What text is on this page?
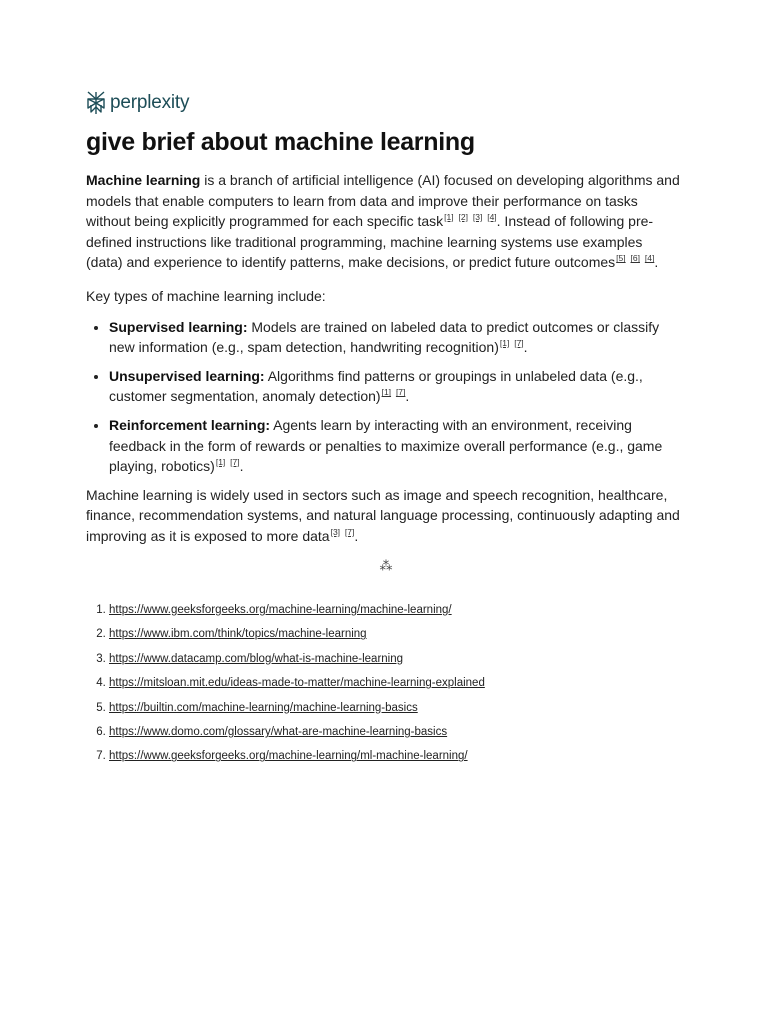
perplexity
give brief about machine learning

Machine learning is a branch of artificial intelligence (AI) focused on developing algorithms and models that enable computers to learn from data and improve their performance on tasks without being explicitly programmed for each specific task[1] [2] [3] [4]. Instead of following pre-defined instructions like traditional programming, machine learning systems use examples (data) and experience to identify patterns, make decisions, or predict future outcomes[5] [6] [4].

Key types of machine learning include:

• Supervised learning: Models are trained on labeled data to predict outcomes or classify new information (e.g., spam detection, handwriting recognition)[1] [7].
• Unsupervised learning: Algorithms find patterns or groupings in unlabeled data (e.g., customer segmentation, anomaly detection)[1] [7].
• Reinforcement learning: Agents learn by interacting with an environment, receiving feedback in the form of rewards or penalties to maximize overall performance (e.g., game playing, robotics)[1] [7].

Machine learning is widely used in sectors such as image and speech recognition, healthcare, finance, recommendation systems, and natural language processing, continuously adapting and improving as it is exposed to more data[3] [7].

⁂
1. https://www.geeksforgeeks.org/machine-learning/machine-learning/
2. https://www.ibm.com/think/topics/machine-learning
3. https://www.datacamp.com/blog/what-is-machine-learning
4. https://mitsloan.mit.edu/ideas-made-to-matter/machine-learning-explained
5. https://builtin.com/machine-learning/machine-learning-basics
6. https://www.domo.com/glossary/what-are-machine-learning-basics
7. https://www.geeksforgeeks.org/machine-learning/ml-machine-learning/
